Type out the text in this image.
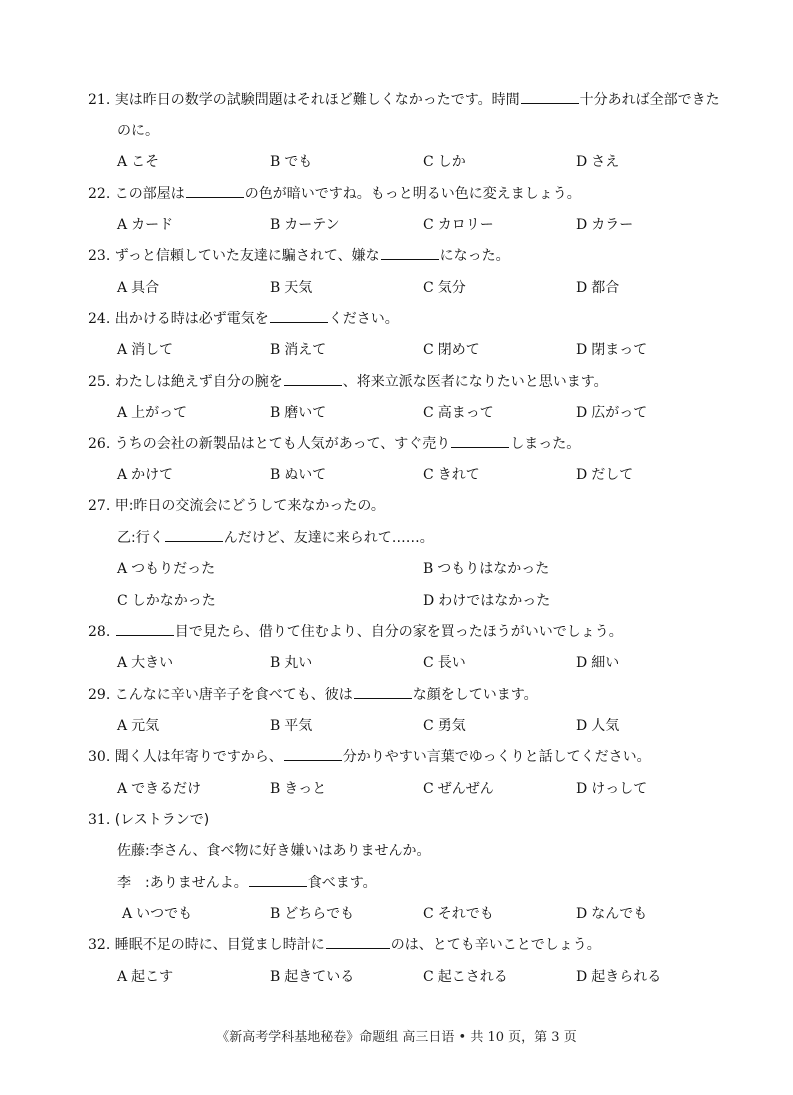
21. 実は昨日の数学の試験問題はそれほど難しくなかったです。時間	十分あれば全部できた
のに。
A こそ	B でも	C しか	D さえ
22. この部屋は	の色が暗いですね。もっと明るい色に変えましょう。
A カード	B カーテン	C カロリー	D カラー
23. ずっと信頼していた友達に騙されて、嫌な	になった。
A 具合	B 天気	C 気分	D 都合
24. 出かける時は必ず電気を	ください。
A 消して	B 消えて	C 閉めて	D 閉まって
25. わたしは絶えず自分の腕を	、将来立派な医者になりたいと思います。
A 上がって	B 磨いて	C 高まって	D 広がって
26. うちの会社の新製品はとても人気があって、すぐ売り	しまった。
A かけて	B ぬいて	C きれて	D だして
27. 甲:昨日の交流会にどうして来なかったの。
乙:行く	んだけど、友達に来られて……。
A つもりだった	B つもりはなかった
C しかなかった	D わけではなかった
28.	目で見たら、借りて住むより、自分の家を買ったほうがいいでしょう。
A 大きい	B 丸い	C 長い	D 細い
29. こんなに辛い唐辛子を食べても、彼は	な顔をしています。
A 元気	B 平気	C 勇気	D 人気
30. 聞く人は年寄りですから、	分かりやすい言葉でゆっくりと話してください。
A できるだけ	B きっと	C ぜんぜん	D けっして
31. (レストランで)
佐藤:李さん、食べ物に好き嫌いはありませんか。
李　:ありませんよ。	食べます。
A いつでも	B どちらでも	C それでも	D なんでも
32. 睡眠不足の時に、目覚まし時計に	のは、とても辛いことでしょう。
A 起こす	B 起きている	C 起こされる	D 起きられる
《新高考学科基地秘卷》命题组 高三日语 • 共 10 页，第 3 页
